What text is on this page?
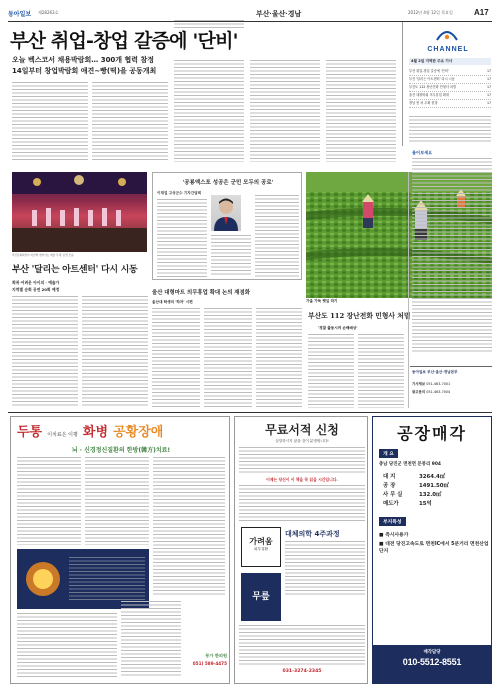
동아일보 제28263호	부산·울산·경남	2012년 4월 12일 목요일	A17
부산 취업-창업 갈증에 '단비'
오늘 벡스코서 채용박람회… 300개 협력 참정
14일부터 창업박람회 애견~빵(떡)을 공동개최
CHANNEL
4월 2일 지역판 주요 기사
부산 취업-창업 갈증에 '단비'	17
부산 '달리는 아트센터' 다시 시동	17
부산도 112 장난전화 민형사 처벌	17
울산 대왕바위 의무휴업 확대	17
경남 봄 차 수확 한창	17
부산문화회관이 지난해 '찾아가는 예술 무대' 공연 모습.
'공룡엑스포 성공은 군민 모두의 공로'
이재업 고성군수 기자간담회
가을 가득 햇잎 따기
부산 '달리는 아트센터' 다시 시동
희귀·어려운 아이의 · 예술가
지역별 순회 공연 20회 예정
울산 대형마트 의무휴업 확대 논의 재점화
울산대 학생의 '하자' 시편
부산도 112 장난전화 민형사 처벌
'경찰 출동시켜 손해배상'
물어보세요
동아일보 부산·울산·경남본부
기사제보 051-463-7001
광고문의 051-463-7004
두통 이치료은 이평 화병 공황장애
뇌 · 신경정신질환의 한방(韓方)치료!
동가 한의원
051) 589-4475
무료서적 신청
실망하시지 않을 것이 분명합니다!
이제는 당신이 이 책을 꼭 읽을 시간입니다.
가려움
피부질환
대체의학 4주과정
무릎
031-3274-2345
공장매각
개 요
충남 당진군 면천면 문봉리 904
대 지	3264.4㎡
공 장	1491.50㎡
사 무 실	132.0㎡
매도가	15억
부지특성
■ 즉시사용가
■ 대전 당진고속도로 면천IC에서 5분거리 면천산업단지
매각담당
010-5512-8551
